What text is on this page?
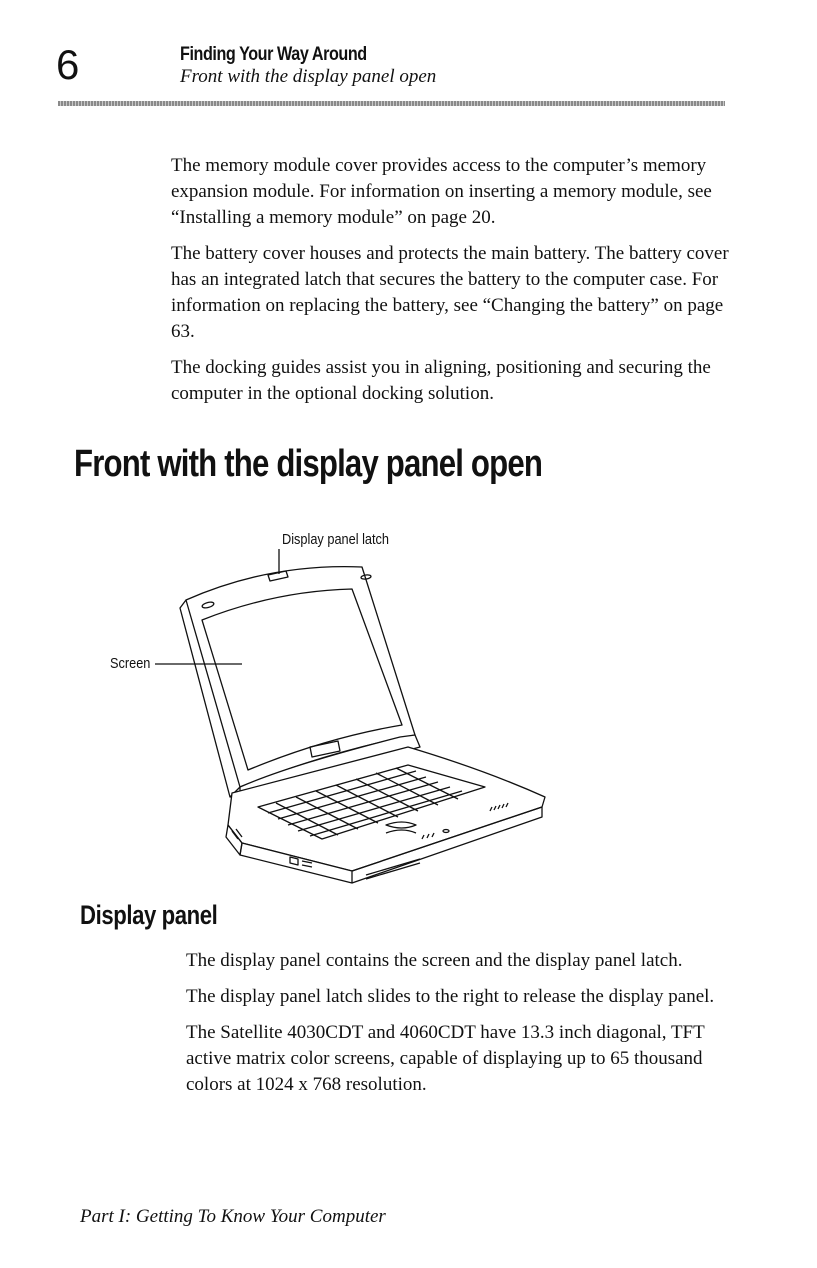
6	Finding Your Way Around
Front with the display panel open

The memory module cover provides access to the computer’s memory expansion module. For information on inserting a memory module, see “Installing a memory module” on page 20.

The battery cover houses and protects the main battery. The battery cover has an integrated latch that secures the battery to the computer case. For information on replacing the battery, see “Changing the battery” on page 63.

The docking guides assist you in aligning, positioning and securing the computer in the optional docking solution.

Front with the display panel open
Display panel latch
Screen
Display panel

The display panel contains the screen and the display panel latch.

The display panel latch slides to the right to release the display panel.

The Satellite 4030CDT and 4060CDT have 13.3 inch diagonal, TFT active matrix color screens, capable of displaying up to 65 thousand colors at 1024 x 768 resolution.

Part I: Getting To Know Your Computer
